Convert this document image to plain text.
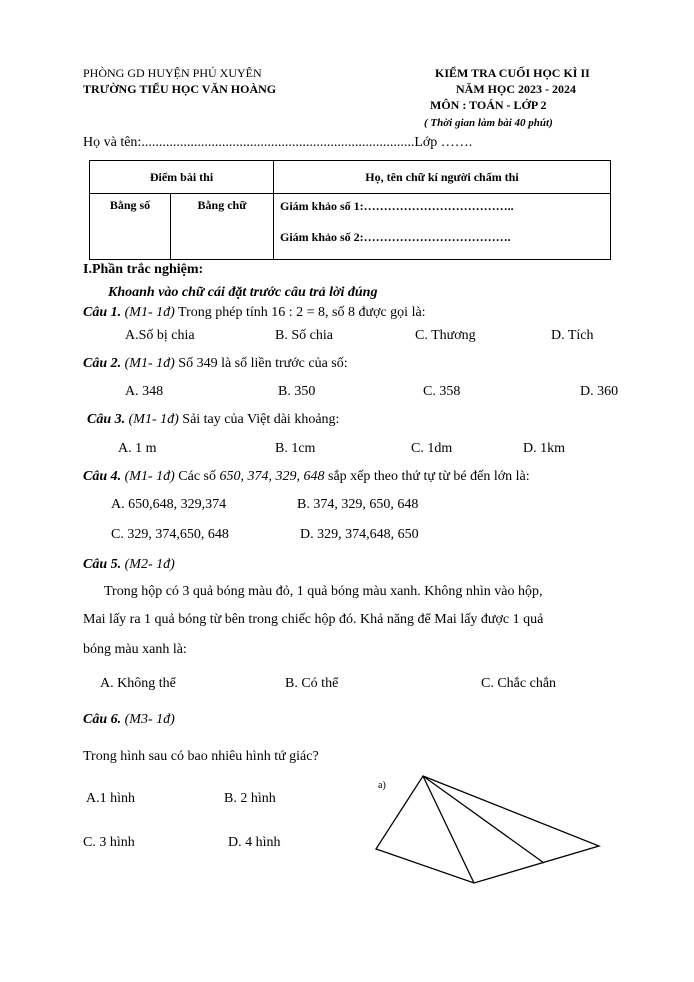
PHÒNG GD HUYỆN PHÚ XUYÊN
TRƯỜNG TIỂU HỌC VĂN HOÀNG
KIỂM TRA CUỐI HỌC KÌ II
NĂM HỌC 2023 - 2024
MÔN : TOÁN - LỚP 2
( Thời gian làm bài 40 phút)
Họ và tên:..............................................................................Lớp …….
Điểm bài thi		Họ, tên chữ kí người chấm thi
Bằng số	Bằng chữ	Giám khảo số 1:………………………………..
Giám khảo số 2:……………………………….
I.Phần trắc nghiệm:
Khoanh vào chữ cái đặt trước câu trả lời đúng
Câu 1. (M1- 1đ) Trong phép tính 16 : 2 = 8, số 8 được gọi là:
A.Số bị chia	B. Số chia	C. Thương	D. Tích
Câu 2. (M1- 1đ) Số 349 là số liền trước của số:
A. 348	B. 350	C. 358	D. 360
Câu 3. (M1- 1đ) Sải tay của Việt dài khoảng:
A. 1 m	B. 1cm	C. 1dm	D. 1km
Câu 4. (M1- 1đ) Các số 650, 374, 329, 648 sắp xếp theo thứ tự từ bé đến lớn là:
A. 650,648, 329,374	B. 374, 329, 650, 648
C. 329, 374,650, 648	D. 329, 374,648, 650
Câu 5. (M2- 1đ)
Trong hộp có 3 quả bóng màu đỏ, 1 quả bóng màu xanh. Không nhìn vào hộp,
Mai lấy ra 1 quả bóng từ bên trong chiếc hộp đó. Khả năng để Mai lấy được 1 quả
bóng màu xanh là:
A. Không thể	B. Có thể	C. Chắc chắn
Câu 6. (M3- 1đ)
Trong hình sau có bao nhiêu hình tứ giác?
A.1 hình	B. 2 hình
C. 3 hình	D. 4 hình
a)
